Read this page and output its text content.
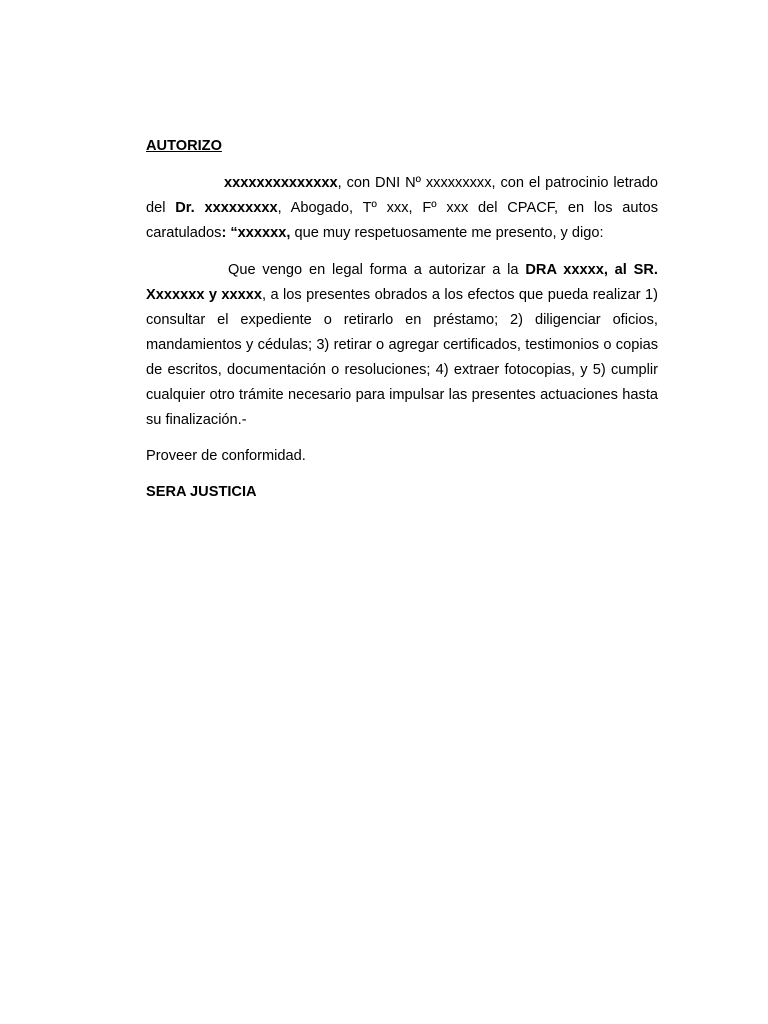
AUTORIZO

xxxxxxxxxxxxxx, con DNI Nº xxxxxxxxx, con el patrocinio letrado del Dr. xxxxxxxxx, Abogado, Tº xxx, Fº xxx del CPACF, en los autos caratulados: “xxxxxx, que muy respetuosamente me presento, y digo:

Que vengo en legal forma a autorizar a la DRA xxxxx, al SR. Xxxxxxx y xxxxx, a los presentes obrados a los efectos que pueda realizar 1) consultar el expediente o retirarlo en préstamo; 2) diligenciar oficios, mandamientos y cédulas; 3) retirar o agregar certificados, testimonios o copias de escritos, documentación o resoluciones; 4) extraer fotocopias, y 5) cumplir cualquier otro trámite necesario para impulsar las presentes actuaciones hasta su finalización.-

Proveer de conformidad.

SERA JUSTICIA
